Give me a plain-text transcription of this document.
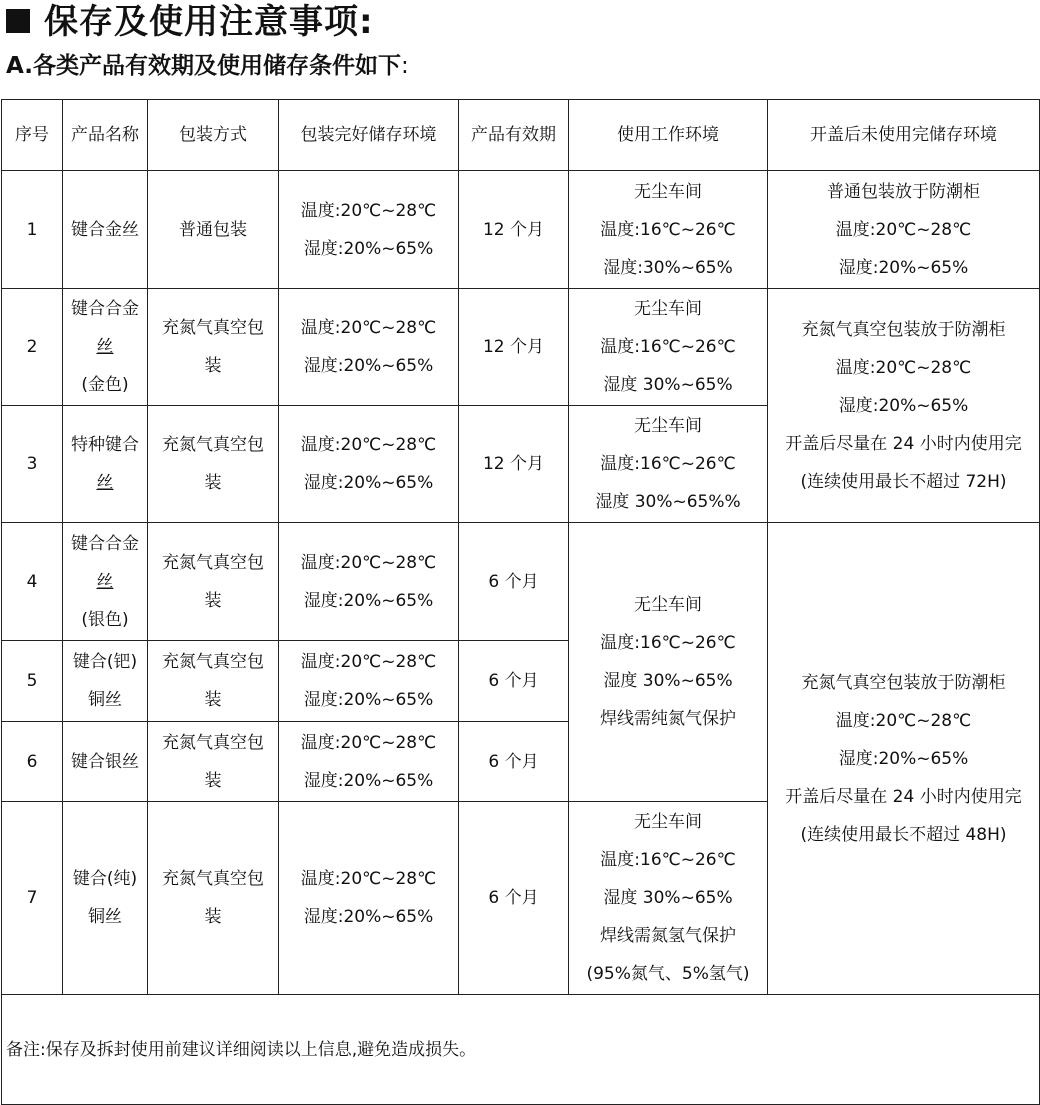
保存及使用注意事项:
A.各类产品有效期及使用储存条件如下:
序号	产品名称	包装方式	包装完好储存环境	产品有效期	使用工作环境	开盖后未使用完储存环境
1	键合金丝	普通包装	温度:20℃~28℃
湿度:20%~65%	12 个月	无尘车间
温度:16℃~26℃
湿度:30%~65%	普通包装放于防潮柜
温度:20℃~28℃
湿度:20%~65%

2	键合合金
丝
(金色)	充氮气真空包
装	温度:20℃~28℃
湿度:20%~65%	12 个月	无尘车间
温度:16℃~26℃
湿度 30%~65%	充氮气真空包装放于防潮柜
温度:20℃~28℃
湿度:20%~65%
开盖后尽量在 24 小时内使用完
(连续使用最长不超过 72H)

3	特种键合
丝	充氮气真空包
装	温度:20℃~28℃
湿度:20%~65%	12 个月	无尘车间
温度:16℃~26℃
湿度 30%~65%%	

4	键合合金
丝
(银色)	充氮气真空包
装	温度:20℃~28℃
湿度:20%~65%	6 个月	无尘车间
温度:16℃~26℃
湿度 30%~65%
焊线需纯氮气保护	充氮气真空包装放于防潮柜
温度:20℃~28℃
湿度:20%~65%
开盖后尽量在 24 小时内使用完
(连续使用最长不超过 48H)

5	键合(钯)
铜丝	充氮气真空包
装	温度:20℃~28℃
湿度:20%~65%	6 个月		
6	键合银丝	充氮气真空包
装	温度:20℃~28℃
湿度:20%~65%	6 个月		
7	键合(纯)
铜丝	充氮气真空包
装	温度:20℃~28℃
湿度:20%~65%	6 个月	无尘车间
温度:16℃~26℃
湿度 30%~65%
焊线需氮氢气保护
(95%氮气、5%氢气)	

备注:保存及拆封使用前建议详细阅读以上信息,避免造成损失。						
